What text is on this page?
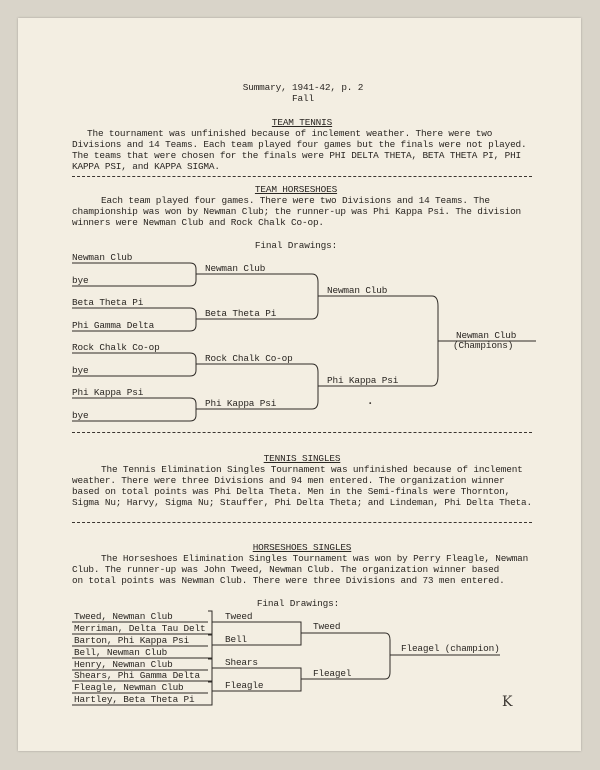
Summary, 1941-42, p. 2
Fall
TEAM TENNIS
The tournament was unfinished because of inclement weather. There were two
Divisions and 14 Teams. Each team played four games but the finals were not played.
The teams that were chosen for the finals were PHI DELTA THETA, BETA THETA PI, PHI
KAPPA PSI, and KAPPA SIGMA.
TEAM HORSESHOES
Each team played four games. There were two Divisions and 14 Teams. The
championship was won by Newman Club; the runner-up was Phi Kappa Psi. The division
winners were Newman Club and Rock Chalk Co-op.
Final Drawings:
Newman Club
bye
Beta Theta Pi
Phi Gamma Delta
Rock Chalk Co-op
bye
Phi Kappa Psi
bye
Newman Club
Beta Theta Pi
Rock Chalk Co-op
Phi Kappa Psi
Newman Club
Phi Kappa Psi
Newman Club
(Champions)
·
TENNIS SINGLES
The Tennis Elimination Singles Tournament was unfinished because of inclement
weather. There were three Divisions and 94 men entered. The organization winner
based on total points was Phi Delta Theta. Men in the Semi-finals were Thornton,
Sigma Nu; Harvy, Sigma Nu; Stauffer, Phi Delta Theta; and Lindeman, Phi Delta Theta.
HORSESHOES SINGLES
The Horseshoes Elimination Singles Tournament was won by Perry Fleagle, Newman
Club. The runner-up was John Tweed, Newman Club. The organization winner based
on total points was Newman Club. There were three Divisions and 73 men entered.
Final Drawings:
Tweed, Newman Club
Merriman, Delta Tau Delt
Barton, Phi Kappa Psi
Bell, Newman Club
Henry, Newman Club
Shears, Phi Gamma Delta
Fleagle, Newman Club
Hartley, Beta Theta Pi
Tweed
Bell
Shears
Fleagle
Tweed
Fleagel
Fleagel (champion)
K
